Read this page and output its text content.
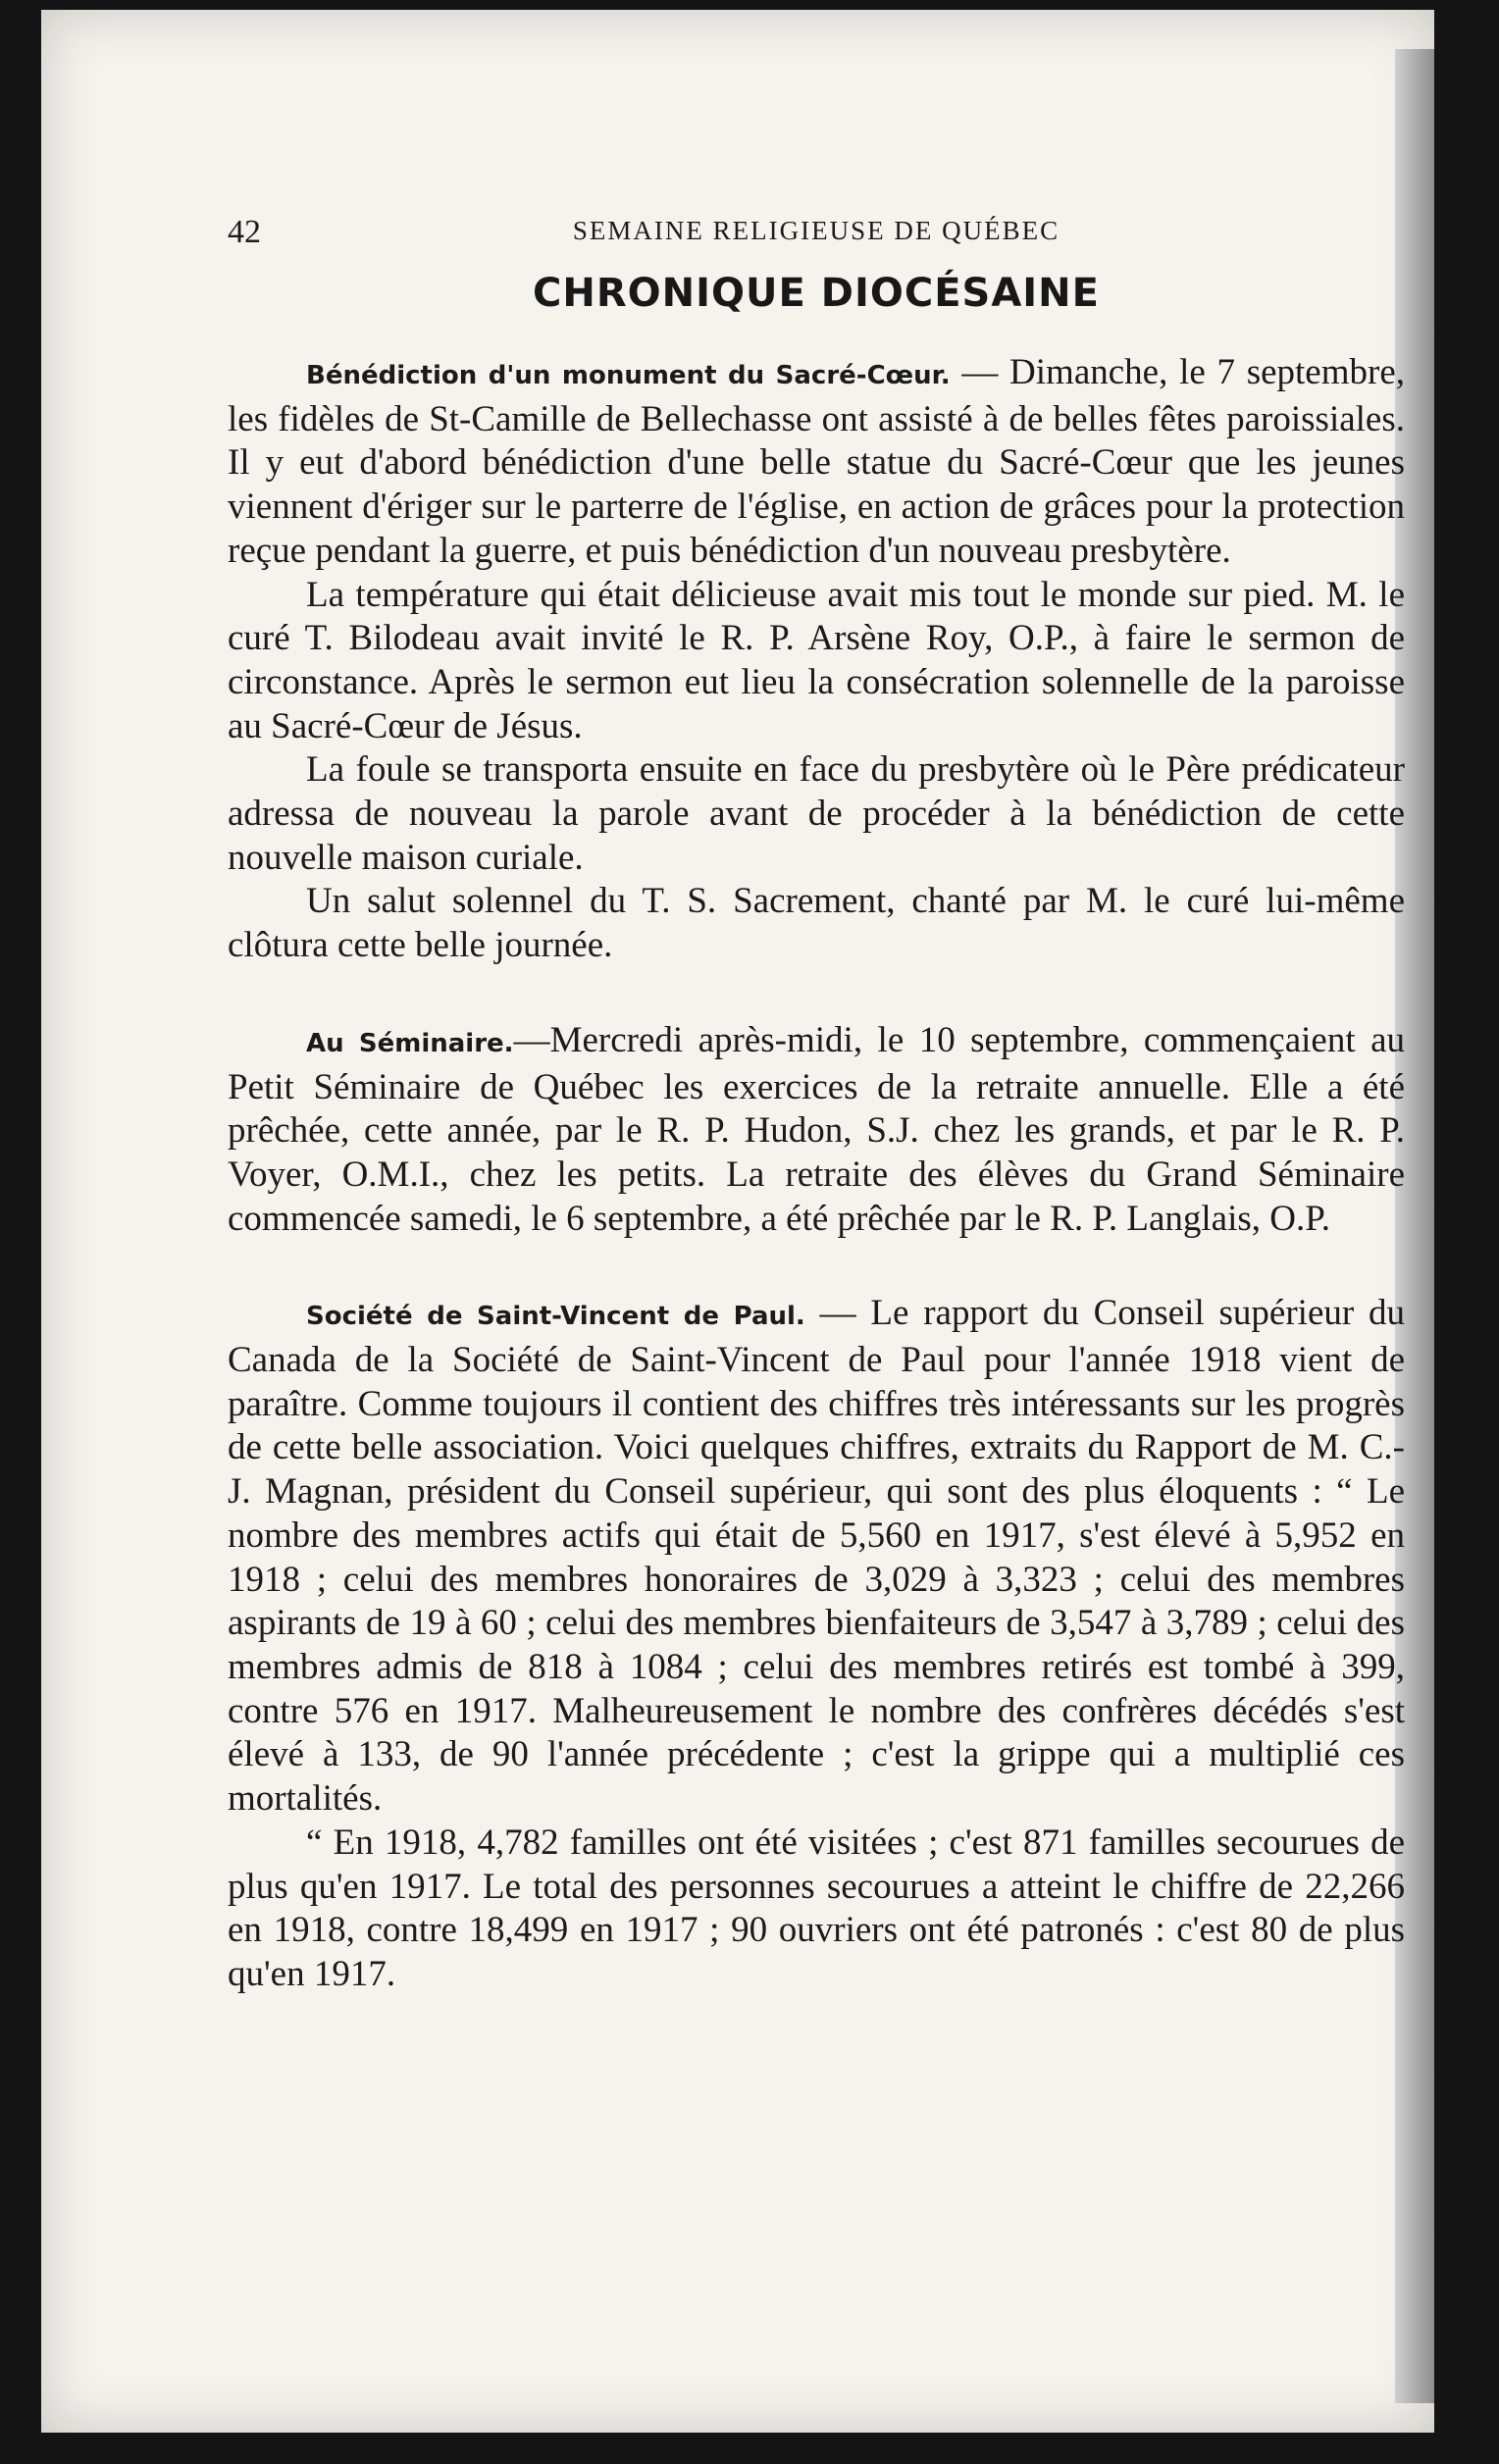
42	SEMAINE RELIGIEUSE DE QUÉBEC
CHRONIQUE DIOCÉSAINE

Bénédiction d'un monument du Sacré-Cœur. — Dimanche, le 7 septembre, les fidèles de St-Camille de Bellechasse ont assisté à de belles fêtes paroissiales. Il y eut d'abord bénédiction d'une belle statue du Sacré-Cœur que les jeunes viennent d'ériger sur le parterre de l'église, en action de grâces pour la protection reçue pendant la guerre, et puis bénédiction d'un nouveau presbytère.

La température qui était délicieuse avait mis tout le monde sur pied. M. le curé T. Bilodeau avait invité le R. P. Arsène Roy, O.P., à faire le sermon de circonstance. Après le sermon eut lieu la consécration solennelle de la paroisse au Sacré-Cœur de Jésus.

La foule se transporta ensuite en face du presbytère où le Père prédicateur adressa de nouveau la parole avant de procéder à la bénédiction de cette nouvelle maison curiale.

Un salut solennel du T. S. Sacrement, chanté par M. le curé lui-même clôtura cette belle journée.

Au Séminaire.—Mercredi après-midi, le 10 septembre, commençaient au Petit Séminaire de Québec les exercices de la retraite annuelle. Elle a été prêchée, cette année, par le R. P. Hudon, S.J. chez les grands, et par le R. P. Voyer, O.M.I., chez les petits. La retraite des élèves du Grand Séminaire commencée samedi, le 6 septembre, a été prêchée par le R. P. Langlais, O.P.

Société de Saint-Vincent de Paul. — Le rapport du Conseil supérieur du Canada de la Société de Saint-Vincent de Paul pour l'année 1918 vient de paraître. Comme toujours il contient des chiffres très intéressants sur les progrès de cette belle association. Voici quelques chiffres, extraits du Rapport de M. C.-J. Magnan, président du Conseil supérieur, qui sont des plus éloquents : “ Le nombre des membres actifs qui était de 5,560 en 1917, s'est élevé à 5,952 en 1918 ; celui des membres honoraires de 3,029 à 3,323 ; celui des membres aspirants de 19 à 60 ; celui des membres bienfaiteurs de 3,547 à 3,789 ; celui des membres admis de 818 à 1084 ; celui des membres retirés est tombé à 399, contre 576 en 1917. Malheureusement le nombre des confrères décédés s'est élevé à 133, de 90 l'année précédente ; c'est la grippe qui a multiplié ces mortalités.

“ En 1918, 4,782 familles ont été visitées ; c'est 871 familles secourues de plus qu'en 1917. Le total des personnes secourues a atteint le chiffre de 22,266 en 1918, contre 18,499 en 1917 ; 90 ouvriers ont été patronés : c'est 80 de plus qu'en 1917.
